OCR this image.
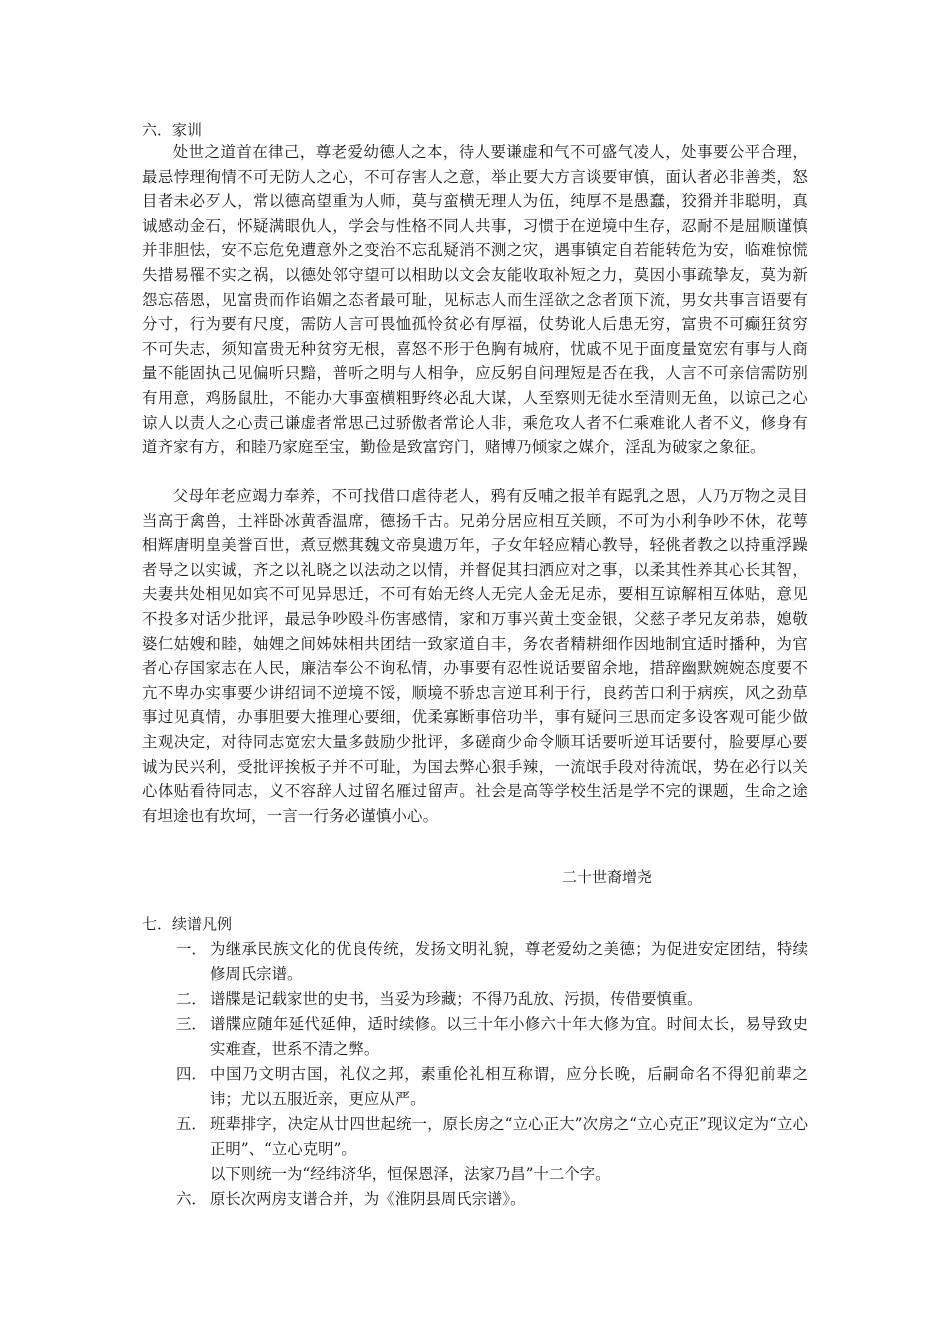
六．家训

处世之道首在律己，尊老爱幼德人之本，待人要谦虚和气不可盛气凌人，处事要公平合理，最忌悖理徇情不可无防人之心，不可存害人之意，举止要大方言谈要审慎，面认者必非善类，怒目者未必歹人，常以德高望重为人师，莫与蛮横无理人为伍，纯厚不是愚蠢，狡猾并非聪明，真诚感动金石，怀疑满眼仇人，学会与性格不同人共事，习惯于在逆境中生存，忍耐不是屈顺谨慎并非胆怯，安不忘危免遭意外之变治不忘乱疑消不测之灾，遇事镇定自若能转危为安，临难惊慌失措易罹不实之祸，以德处邻守望可以相助以文会友能收取补短之力，莫因小事疏挚友，莫为新怨忘蓓恩，见富贵而作谄媚之态者最可耻，见标志人而生淫欲之念者顶下流，男女共事言语要有分寸，行为要有尺度，需防人言可畏恤孤怜贫必有厚福，仗势讹人后患无穷，富贵不可癫狂贫穷不可失志，须知富贵无种贫穷无根，喜怒不形于色胸有城府，忧戚不见于面度量宽宏有事与人商量不能固执己见偏听只黯，普听之明与人相争，应反躬自问理短是否在我，人言不可亲信需防别有用意，鸡肠鼠肚，不能办大事蛮横粗野终必乱大谋，人至察则无徒水至清则无鱼，以谅己之心谅人以责人之心责己谦虚者常思己过骄傲者常论人非，乘危攻人者不仁乘难讹人者不义，修身有道齐家有方，和睦乃家庭至宝，勤俭是致富窍门，赌博乃倾家之媒介，淫乱为破家之象征。

父母年老应竭力奉养，不可找借口虐待老人，鸦有反哺之报羊有跽乳之恩，人乃万物之灵目当高于禽兽，土袢卧冰黄香温席，德扬千古。兄弟分居应相互关顾，不可为小利争吵不休，花萼相辉唐明皇美誉百世，煮豆燃萁魏文帝臭遗万年，子女年轻应精心教导，轻佻者教之以持重浮躁者导之以实诚，齐之以礼晓之以法动之以情，并督促其扫洒应对之事，以柔其性养其心长其智，夫妻共处相见如宾不可见异思迁，不可有始无终人无完人金无足赤，要相互谅解相互体贴，意见不投多对话少批评，最忌争吵殴斗伤害感情，家和万事兴黄土变金银，父慈子孝兄友弟恭，媳敬婆仁姑嫂和睦，妯娌之间姊妹相共团结一致家道自丰，务农者精耕细作因地制宜适时播种，为官者心存国家志在人民，廉洁奉公不询私情，办事要有忍性说话要留余地，措辞幽默婉婉态度要不亢不卑办实事要少讲绍词不逆境不馁，顺境不骄忠言逆耳利于行，良药苦口利于病疾，风之劲草事过见真情，办事胆要大推理心要细，优柔寡断事倍功半，事有疑问三思而定多设客观可能少做主观决定，对待同志宽宏大量多鼓励少批评，多磋商少命令顺耳话要听逆耳话要付，脸要厚心要诚为民兴利，受批评挨板子并不可耻，为国去弊心狠手辣，一流氓手段对待流氓，势在必行以关心体贴看待同志，义不容辞人过留名雁过留声。社会是高等学校生活是学不完的课题，生命之途有坦途也有坎坷，一言一行务必谨慎小心。

二十世裔增尧
七．续谱凡例
一． 为继承民族文化的优良传统，发扬文明礼貌，尊老爱幼之美德；为促进安定团结，特续修周氏宗谱。
二． 谱牒是记载家世的史书，当妥为珍藏；不得乃乱放、污损，传借要慎重。
三． 谱牒应随年延代延伸，适时续修。以三十年小修六十年大修为宜。时间太长，易导致史实难查，世系不清之弊。
四． 中国乃文明古国，礼仪之邦，素重伦礼相互称谓，应分长晚，后嗣命名不得犯前辈之讳；尤以五服近亲，更应从严。
五． 班辈排字，决定从廿四世起统一，原长房之“立心正大”次房之“立心克正”现议定为“立心正明”、“立心克明”。
以下则统一为“经纬济华，恒保恩泽，法家乃昌”十二个字。
六． 原长次两房支谱合并，为《淮阴县周氏宗谱》。
